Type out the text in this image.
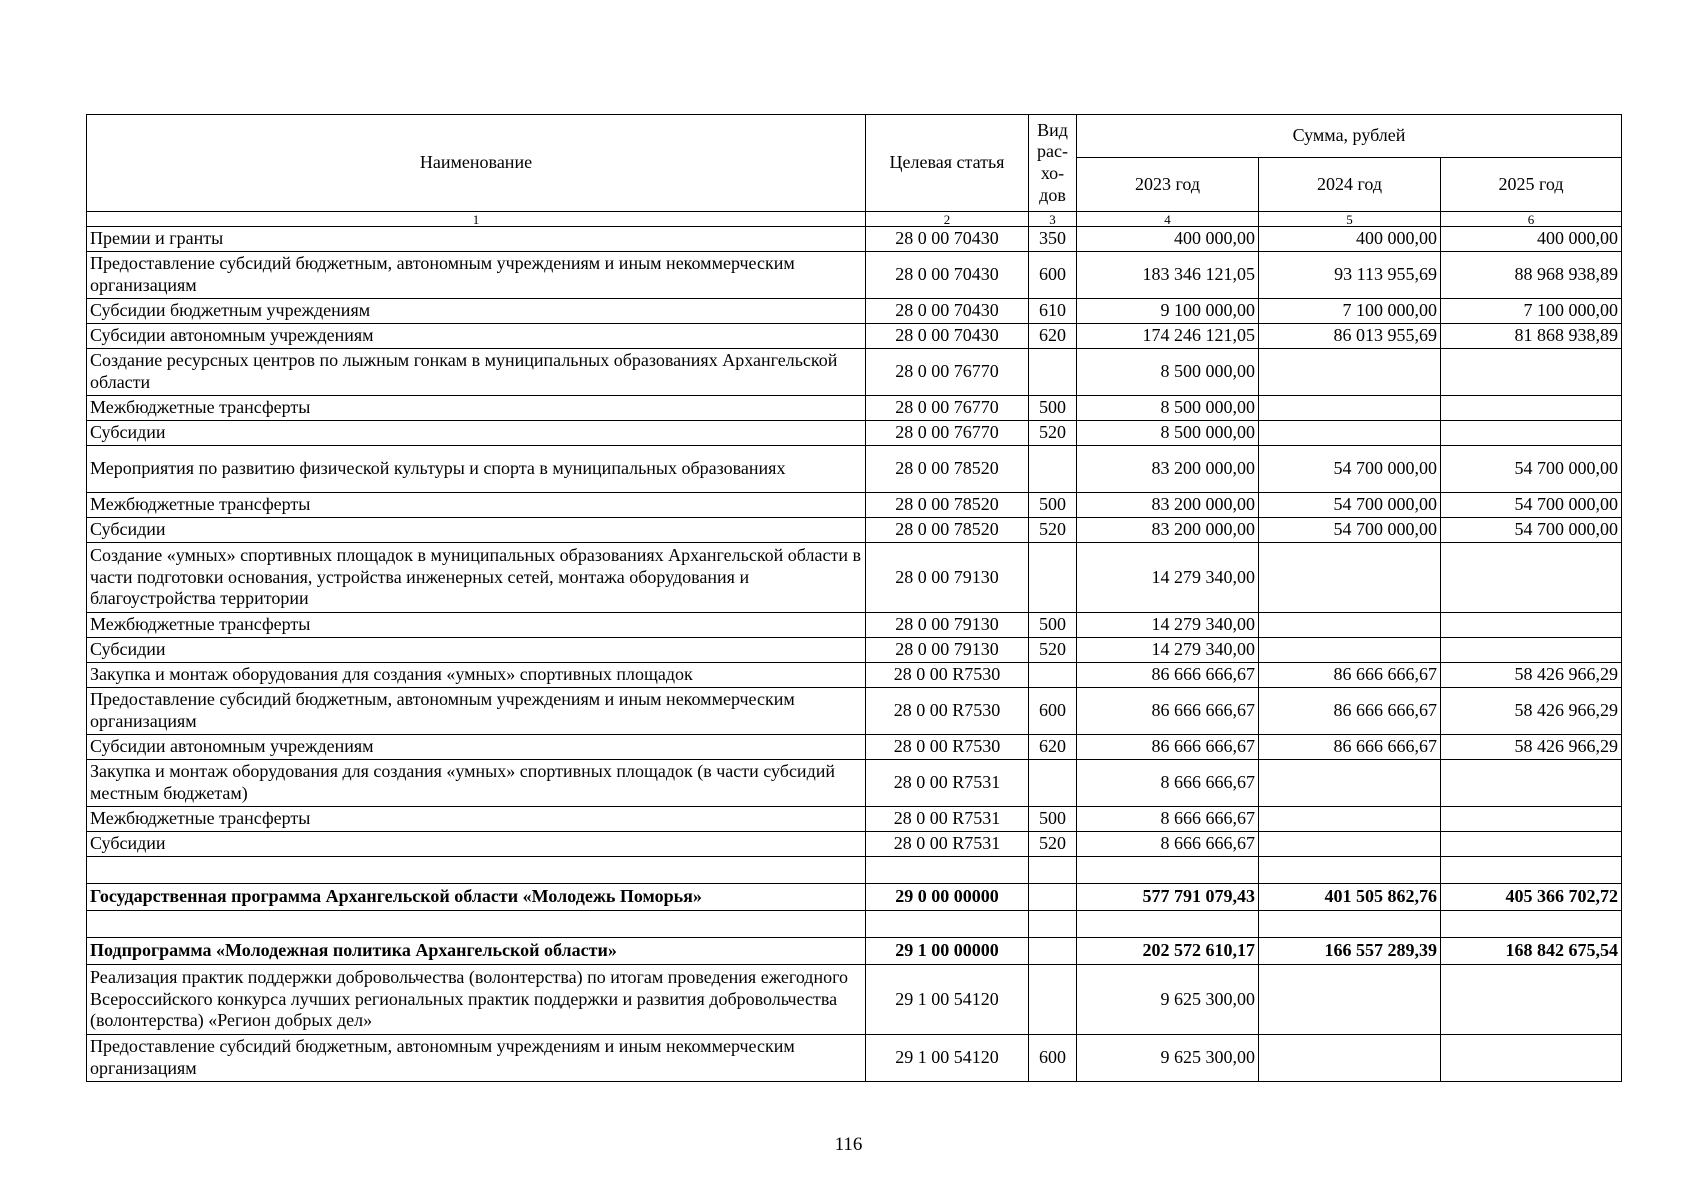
Наименование	Целевая статья	Вид рас-хо-дов	Сумма, рублей		
			2023 год	2024 год	2025 год
1	2	3	4	5	6
Премии и гранты	28 0 00 70430	350	400 000,00	400 000,00	400 000,00
Предоставление субсидий бюджетным, автономным учреждениям и иным некоммерческим организациям	28 0 00 70430	600	183 346 121,05	93 113 955,69	88 968 938,89
Субсидии бюджетным учреждениям	28 0 00 70430	610	9 100 000,00	7 100 000,00	7 100 000,00
Субсидии автономным учреждениям	28 0 00 70430	620	174 246 121,05	86 013 955,69	81 868 938,89
Создание ресурсных центров по лыжным гонкам в муниципальных образованиях Архангельской области	28 0 00 76770		8 500 000,00		
Межбюджетные трансферты	28 0 00 76770	500	8 500 000,00		
Субсидии	28 0 00 76770	520	8 500 000,00		
Мероприятия по развитию физической культуры и спорта в муниципальных образованиях	28 0 00 78520		83 200 000,00	54 700 000,00	54 700 000,00
Межбюджетные трансферты	28 0 00 78520	500	83 200 000,00	54 700 000,00	54 700 000,00
Субсидии	28 0 00 78520	520	83 200 000,00	54 700 000,00	54 700 000,00
Создание «умных» спортивных площадок в муниципальных образованиях Архангельской области в части подготовки основания, устройства инженерных сетей, монтажа оборудования и благоустройства территории	28 0 00 79130		14 279 340,00		
Межбюджетные трансферты	28 0 00 79130	500	14 279 340,00		
Субсидии	28 0 00 79130	520	14 279 340,00		
Закупка и монтаж оборудования для создания «умных» спортивных площадок	28 0 00 R7530		86 666 666,67	86 666 666,67	58 426 966,29
Предоставление субсидий бюджетным, автономным учреждениям и иным некоммерческим организациям	28 0 00 R7530	600	86 666 666,67	86 666 666,67	58 426 966,29
Субсидии автономным учреждениям	28 0 00 R7530	620	86 666 666,67	86 666 666,67	58 426 966,29
Закупка и монтаж оборудования для создания «умных» спортивных площадок (в части субсидий местным бюджетам)	28 0 00 R7531		8 666 666,67		
Межбюджетные трансферты	28 0 00 R7531	500	8 666 666,67		
Субсидии	28 0 00 R7531	520	8 666 666,67		

Государственная программа Архангельской области «Молодежь Поморья»	29 0 00 00000		577 791 079,43	401 505 862,76	405 366 702,72

Подпрограмма «Молодежная политика Архангельской области»	29 1 00 00000		202 572 610,17	166 557 289,39	168 842 675,54
Реализация практик поддержки добровольчества (волонтерства) по итогам проведения ежегодного Всероссийского конкурса лучших региональных практик поддержки и развития добровольчества (волонтерства) «Регион добрых дел»	29 1 00 54120		9 625 300,00		
Предоставление субсидий бюджетным, автономным учреждениям и иным некоммерческим организациям	29 1 00 54120	600	9 625 300,00		
116
